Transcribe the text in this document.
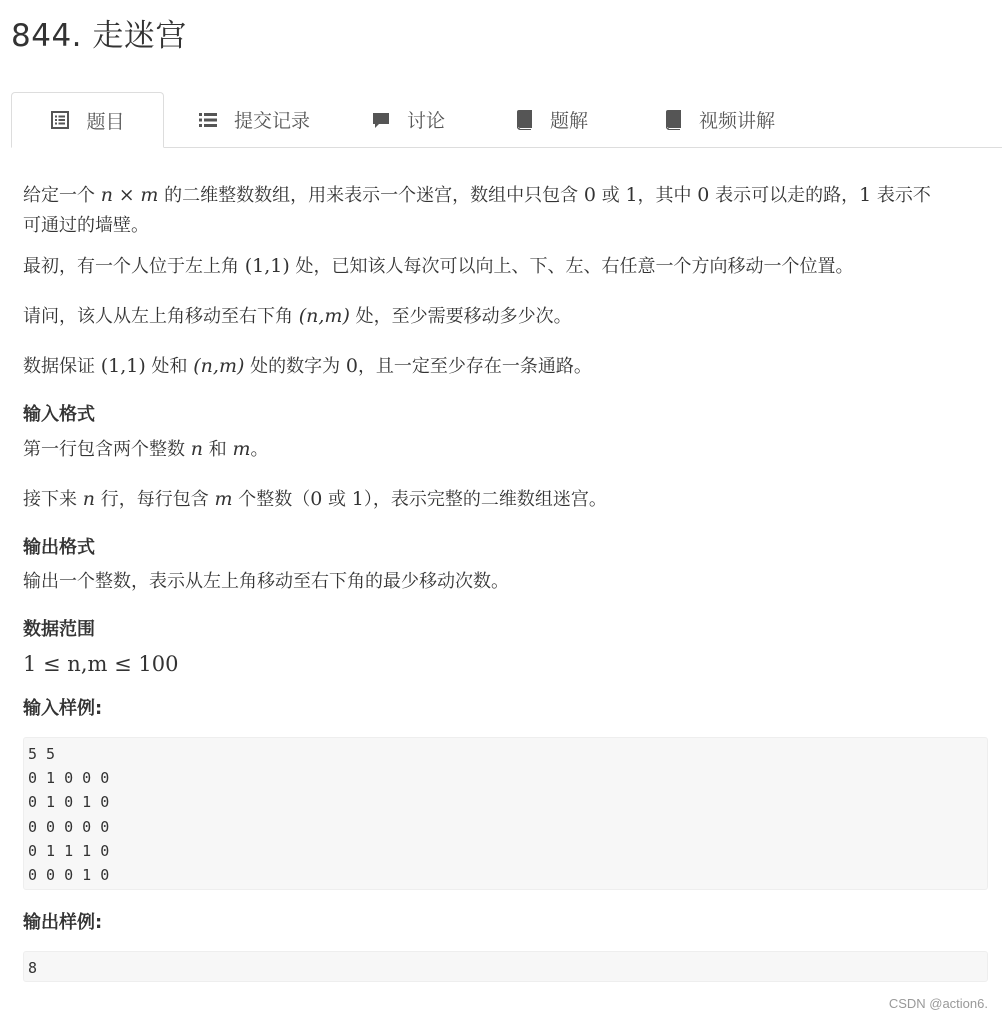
844. 走迷宫
题目	提交记录	讨论	题解	视频讲解

给定一个 n × m 的二维整数数组，用来表示一个迷宫，数组中只包含 0 或 1，其中 0 表示可以走的路，1 表示不
可通过的墙壁。

最初，有一个人位于左上角 (1,1) 处，已知该人每次可以向上、下、左、右任意一个方向移动一个位置。

请问，该人从左上角移动至右下角 (n,m) 处，至少需要移动多少次。

数据保证 (1,1) 处和 (n,m) 处的数字为 0，且一定至少存在一条通路。

输入格式

第一行包含两个整数 n 和 m。

接下来 n 行，每行包含 m 个整数（0 或 1），表示完整的二维数组迷宫。

输出格式

输出一个整数，表示从左上角移动至右下角的最少移动次数。

数据范围

1 ≤ n,m ≤ 100

输入样例:
5 5
0 1 0 0 0
0 1 0 1 0
0 0 0 0 0
0 1 1 1 0
0 0 0 1 0
输出样例:
8
CSDN @action6.
